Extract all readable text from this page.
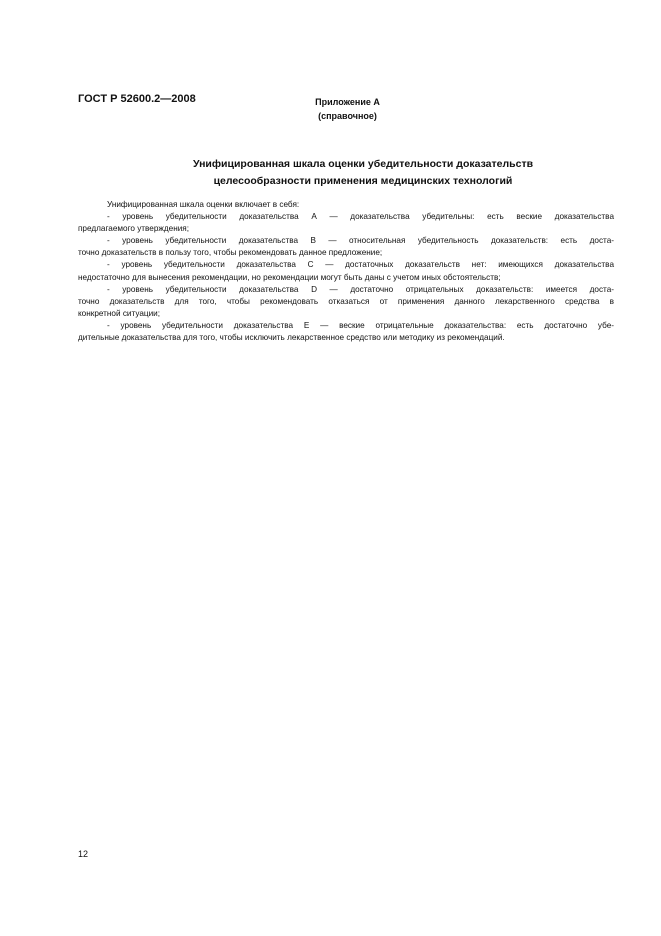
ГОСТ Р 52600.2—2008	Приложение А
(справочное)
Унифицированная шкала оценки убедительности доказательств
целесообразности применения медицинских технологий
Унифицированная шкала оценки включает в себя:
- уровень убедительности доказательства А — доказательства убедительны: есть веские доказательства
предлагаемого утверждения;
- уровень убедительности доказательства В — относительная убедительность доказательств: есть доста-
точно доказательств в пользу того, чтобы рекомендовать данное предложение;
- уровень убедительности доказательства С — достаточных доказательств нет: имеющихся доказательства
недостаточно для вынесения рекомендации, но рекомендации могут быть даны с учетом иных обстоятельств;
- уровень убедительности доказательства D — достаточно отрицательных доказательств: имеется доста-
точно доказательств для того, чтобы рекомендовать отказаться от применения данного лекарственного средства в
конкретной ситуации;
- уровень убедительности доказательства Е — веские отрицательные доказательства: есть достаточно убе-
дительные доказательства для того, чтобы исключить лекарственное средство или методику из рекомендаций.
12
